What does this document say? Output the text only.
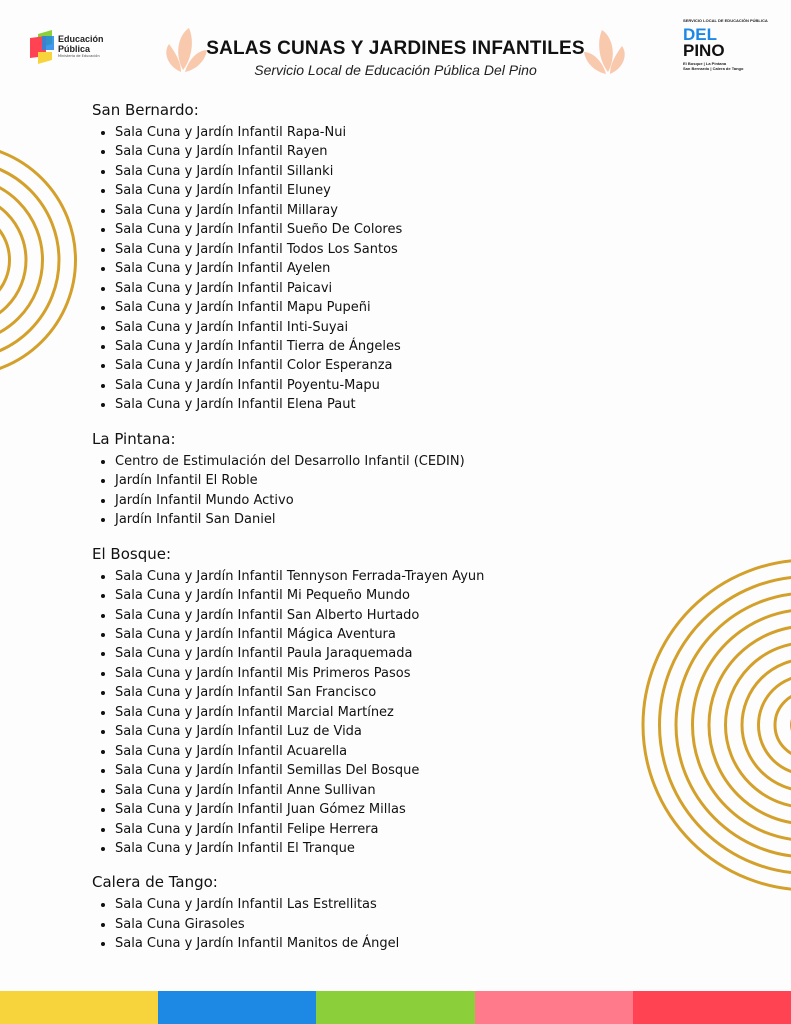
Educación
Pública
Ministerio de Educación	SALAS CUNAS Y JARDINES INFANTILES
Servicio Local de Educación Pública Del Pino
SERVICIO LOCAL DE EDUCACIÓN PÚBLICA
DEL
PINO
El Bosque | La Pintana
San Bernardo | Calera de Tango
San Bernardo:
• Sala Cuna y Jardín Infantil Rapa-Nui
• Sala Cuna y Jardín Infantil Rayen
• Sala Cuna y Jardín Infantil Sillanki
• Sala Cuna y Jardín Infantil Eluney
• Sala Cuna y Jardín Infantil Millaray
• Sala Cuna y Jardín Infantil Sueño De Colores
• Sala Cuna y Jardín Infantil Todos Los Santos
• Sala Cuna y Jardín Infantil Ayelen
• Sala Cuna y Jardín Infantil Paicavi
• Sala Cuna y Jardín Infantil Mapu Pupeñi
• Sala Cuna y Jardín Infantil Inti-Suyai
• Sala Cuna y Jardín Infantil Tierra de Ángeles
• Sala Cuna y Jardín Infantil Color Esperanza
• Sala Cuna y Jardín Infantil Poyentu-Mapu
• Sala Cuna y Jardín Infantil Elena Paut
La Pintana:
• Centro de Estimulación del Desarrollo Infantil (CEDIN)
• Jardín Infantil El Roble
• Jardín Infantil Mundo Activo
• Jardín Infantil San Daniel
El Bosque:
• Sala Cuna y Jardín Infantil Tennyson Ferrada-Trayen Ayun
• Sala Cuna y Jardín Infantil Mi Pequeño Mundo
• Sala Cuna y Jardín Infantil San Alberto Hurtado
• Sala Cuna y Jardín Infantil Mágica Aventura
• Sala Cuna y Jardín Infantil Paula Jaraquemada
• Sala Cuna y Jardín Infantil Mis Primeros Pasos
• Sala Cuna y Jardín Infantil San Francisco
• Sala Cuna y Jardín Infantil Marcial Martínez
• Sala Cuna y Jardín Infantil Luz de Vida
• Sala Cuna y Jardín Infantil Acuarella
• Sala Cuna y Jardín Infantil Semillas Del Bosque
• Sala Cuna y Jardín Infantil Anne Sullivan
• Sala Cuna y Jardín Infantil Juan Gómez Millas
• Sala Cuna y Jardín Infantil Felipe Herrera
• Sala Cuna y Jardín Infantil El Tranque
Calera de Tango:
• Sala Cuna y Jardín Infantil Las Estrellitas
• Sala Cuna Girasoles
• Sala Cuna y Jardín Infantil Manitos de Ángel
